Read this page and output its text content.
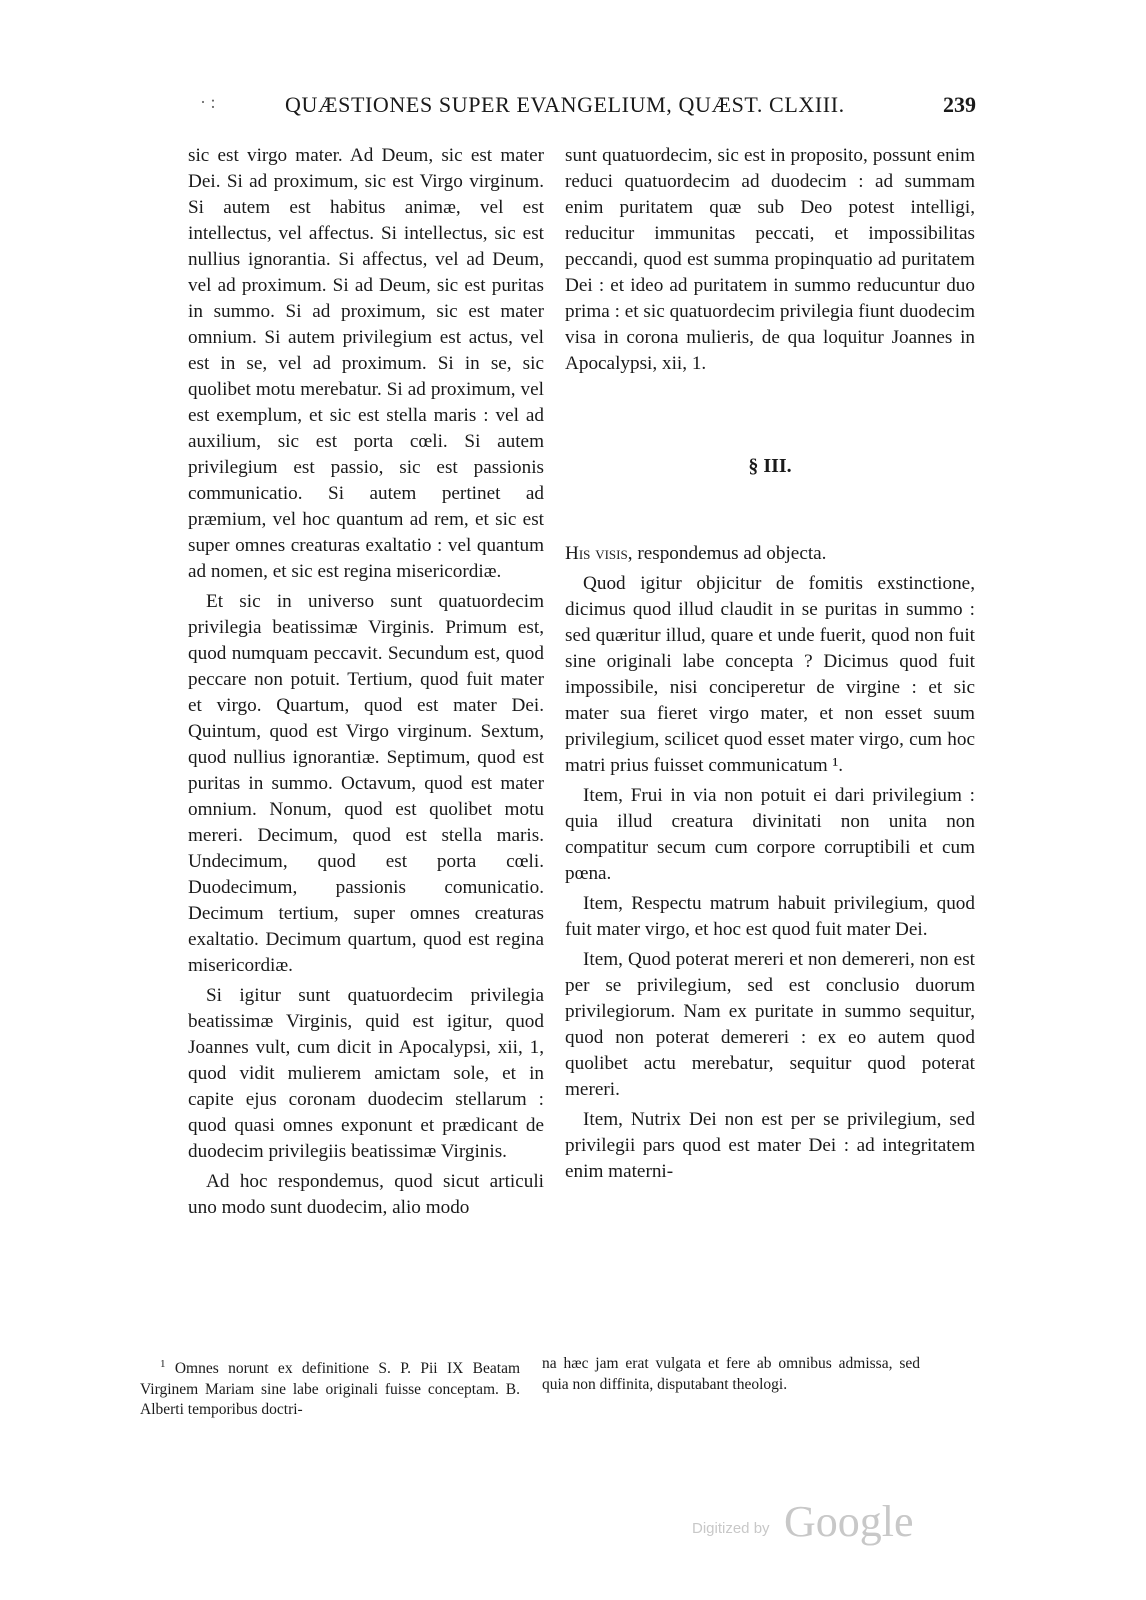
· :	QUÆSTIONES SUPER EVANGELIUM, QUÆST. CLXIII.	239

sic est virgo mater. Ad Deum, sic est mater Dei. Si ad proximum, sic est Virgo virginum. Si autem est habitus animæ, vel est intellectus, vel affectus. Si intellectus, sic est nullius ignorantia. Si affectus, vel ad Deum, vel ad proximum. Si ad Deum, sic est puritas in summo. Si ad proximum, sic est mater omnium. Si autem privilegium est actus, vel est in se, vel ad proximum. Si in se, sic quolibet motu merebatur. Si ad proximum, vel est exemplum, et sic est stella maris : vel ad auxilium, sic est porta cœli. Si autem privilegium est passio, sic est passionis communicatio. Si autem pertinet ad præmium, vel hoc quantum ad rem, et sic est super omnes creaturas exaltatio : vel quantum ad nomen, et sic est regina misericordiæ.

Et sic in universo sunt quatuordecim privilegia beatissimæ Virginis. Primum est, quod numquam peccavit. Secundum est, quod peccare non potuit. Tertium, quod fuit mater et virgo. Quartum, quod est mater Dei. Quintum, quod est Virgo virginum. Sextum, quod nullius ignorantiæ. Septimum, quod est puritas in summo. Octavum, quod est mater omnium. Nonum, quod est quolibet motu mereri. Decimum, quod est stella maris. Undecimum, quod est porta cœli. Duodecimum, passionis comunicatio. Decimum tertium, super omnes creaturas exaltatio. Decimum quartum, quod est regina misericordiæ.

Si igitur sunt quatuordecim privilegia beatissimæ Virginis, quid est igitur, quod Joannes vult, cum dicit in Apocalypsi, xii, 1, quod vidit mulierem amictam sole, et in capite ejus coronam duodecim stellarum : quod quasi omnes exponunt et prædicant de duodecim privilegiis beatissimæ Virginis.

Ad hoc respondemus, quod sicut articuli uno modo sunt duodecim, alio modo

sunt quatuordecim, sic est in proposito, possunt enim reduci quatuordecim ad duodecim : ad summam enim puritatem quæ sub Deo potest intelligi, reducitur immunitas peccati, et impossibilitas peccandi, quod est summa propinquatio ad puritatem Dei : et ideo ad puritatem in summo reducuntur duo prima : et sic quatuordecim privilegia fiunt duodecim visa in corona mulieris, de qua loquitur Joannes in Apocalypsi, xii, 1.

§ III.

His visis, respondemus ad objecta.

Quod igitur objicitur de fomitis exstinctione, dicimus quod illud claudit in se puritas in summo : sed quæritur illud, quare et unde fuerit, quod non fuit sine originali labe concepta ? Dicimus quod fuit impossibile, nisi conciperetur de virgine : et sic mater sua fieret virgo mater, et non esset suum privilegium, scilicet quod esset mater virgo, cum hoc matri prius fuisset communicatum ¹.

Item, Frui in via non potuit ei dari privilegium : quia illud creatura divinitati non unita non compatitur secum cum corpore corruptibili et cum pœna.

Item, Respectu matrum habuit privilegium, quod fuit mater virgo, et hoc est quod fuit mater Dei.

Item, Quod poterat mereri et non demereri, non est per se privilegium, sed est conclusio duorum privilegiorum. Nam ex puritate in summo sequitur, quod non poterat demereri : ex eo autem quod quolibet actu merebatur, sequitur quod poterat mereri.

Item, Nutrix Dei non est per se privilegium, sed privilegii pars quod est mater Dei : ad integritatem enim materni-

$^1$ Omnes norunt ex definitione S. P. Pii IX Beatam Virginem Mariam sine labe originali fuisse conceptam. B. Alberti temporibus doctri-
na hæc jam erat vulgata et fere ab omnibus admissa, sed quia non diffinita, disputabant theologi.
Digitized by Google
